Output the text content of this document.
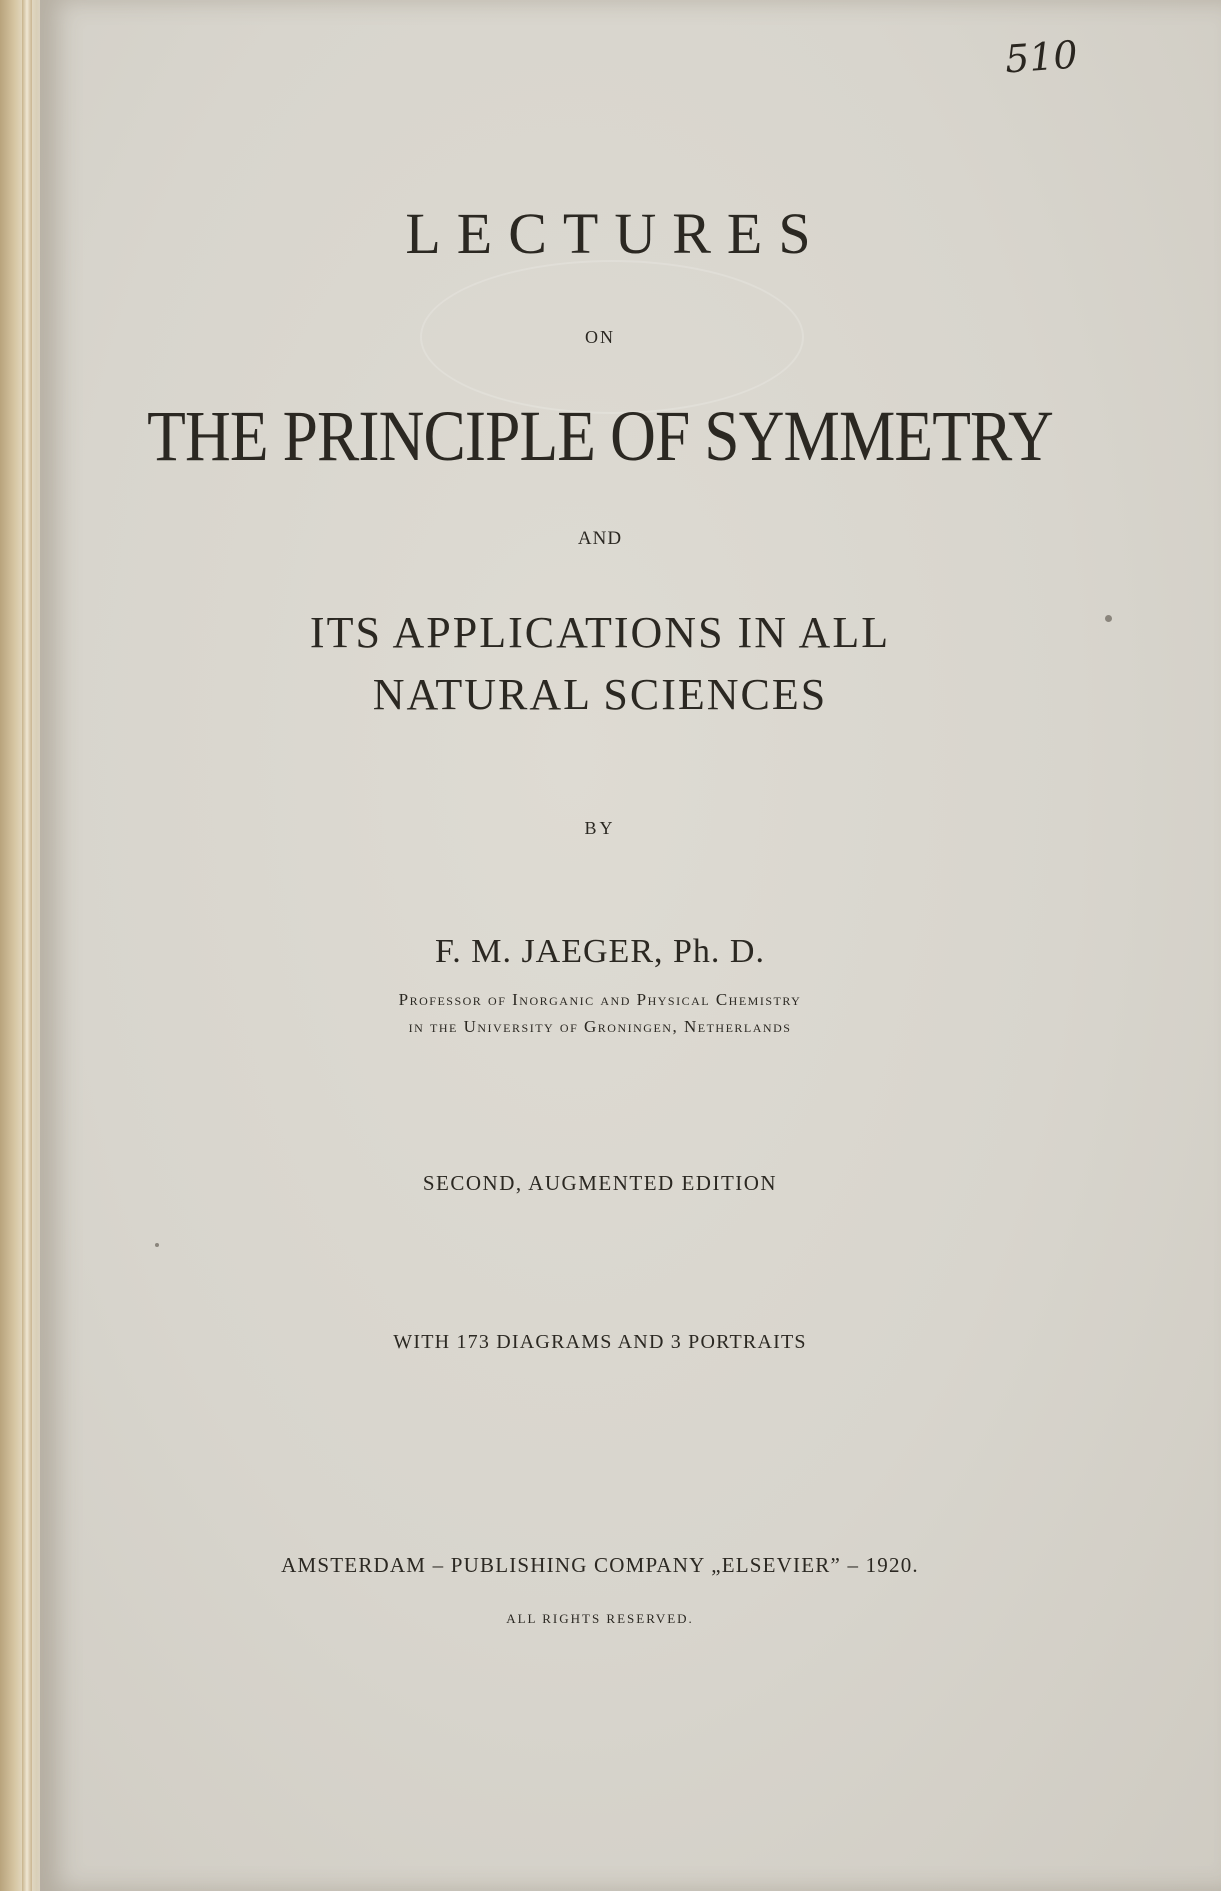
510
LECTURES
ON
THE PRINCIPLE OF SYMMETRY
AND
ITS APPLICATIONS IN ALL
NATURAL SCIENCES
BY
F. M. JAEGER, Ph. D.
Professor of Inorganic and Physical Chemistry
in the University of Groningen, Netherlands
SECOND, AUGMENTED EDITION
WITH 173 DIAGRAMS AND 3 PORTRAITS
AMSTERDAM – PUBLISHING COMPANY „ELSEVIER” – 1920.
ALL RIGHTS RESERVED.
